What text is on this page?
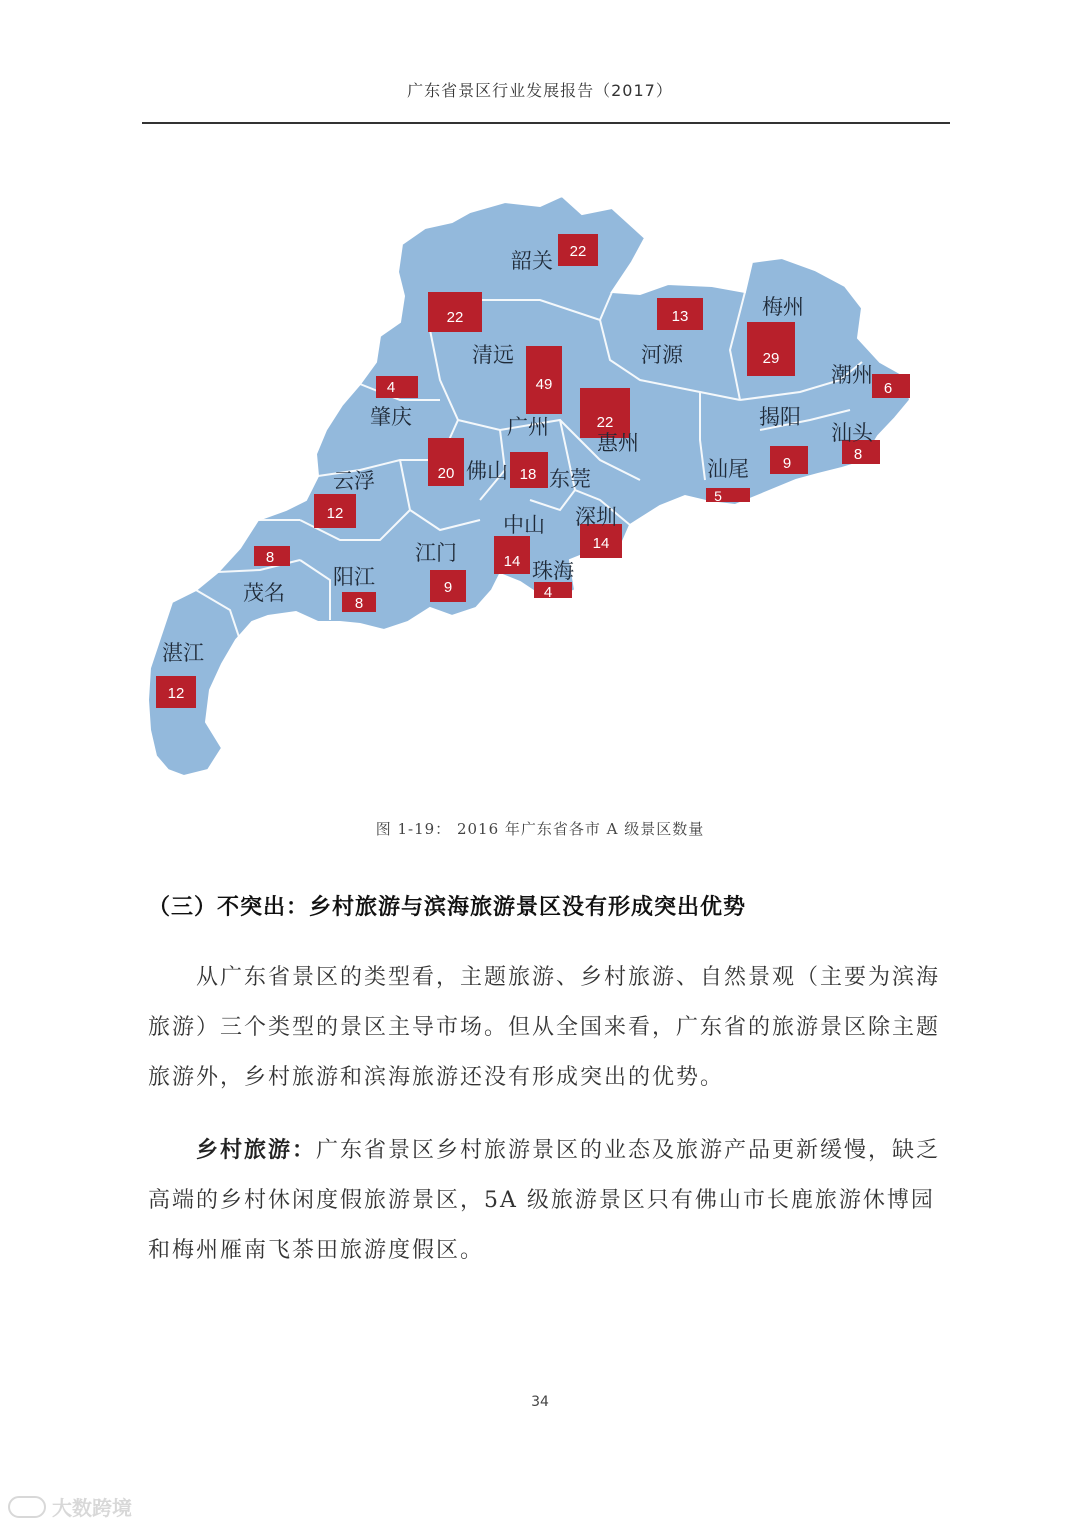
广东省景区行业发展报告（2017）
22
22
49
13
29
6
4
22
9
8
20	18
5
12
14
14
8
8
9	4
12
韶关
清远	河源
梅州
潮州
肇庆	广州
惠州
揭阳
汕头
佛山 东莞	汕尾
云浮
深圳
中山
江门
珠海
茂名
阳江
湛江
图 1-19： 2016 年广东省各市 A 级景区数量
（三）不突出：乡村旅游与滨海旅游景区没有形成突出优势
从广东省景区的类型看，主题旅游、乡村旅游、自然景观（主要为滨海旅游）三个类型的景区主导市场。但从全国来看，广东省的旅游景区除主题旅游外，乡村旅游和滨海旅游还没有形成突出的优势。
乡村旅游：广东省景区乡村旅游景区的业态及旅游产品更新缓慢，缺乏高端的乡村休闲度假旅游景区，5A 级旅游景区只有佛山市长鹿旅游休博园和梅州雁南飞茶田旅游度假区。
34
大数跨境
